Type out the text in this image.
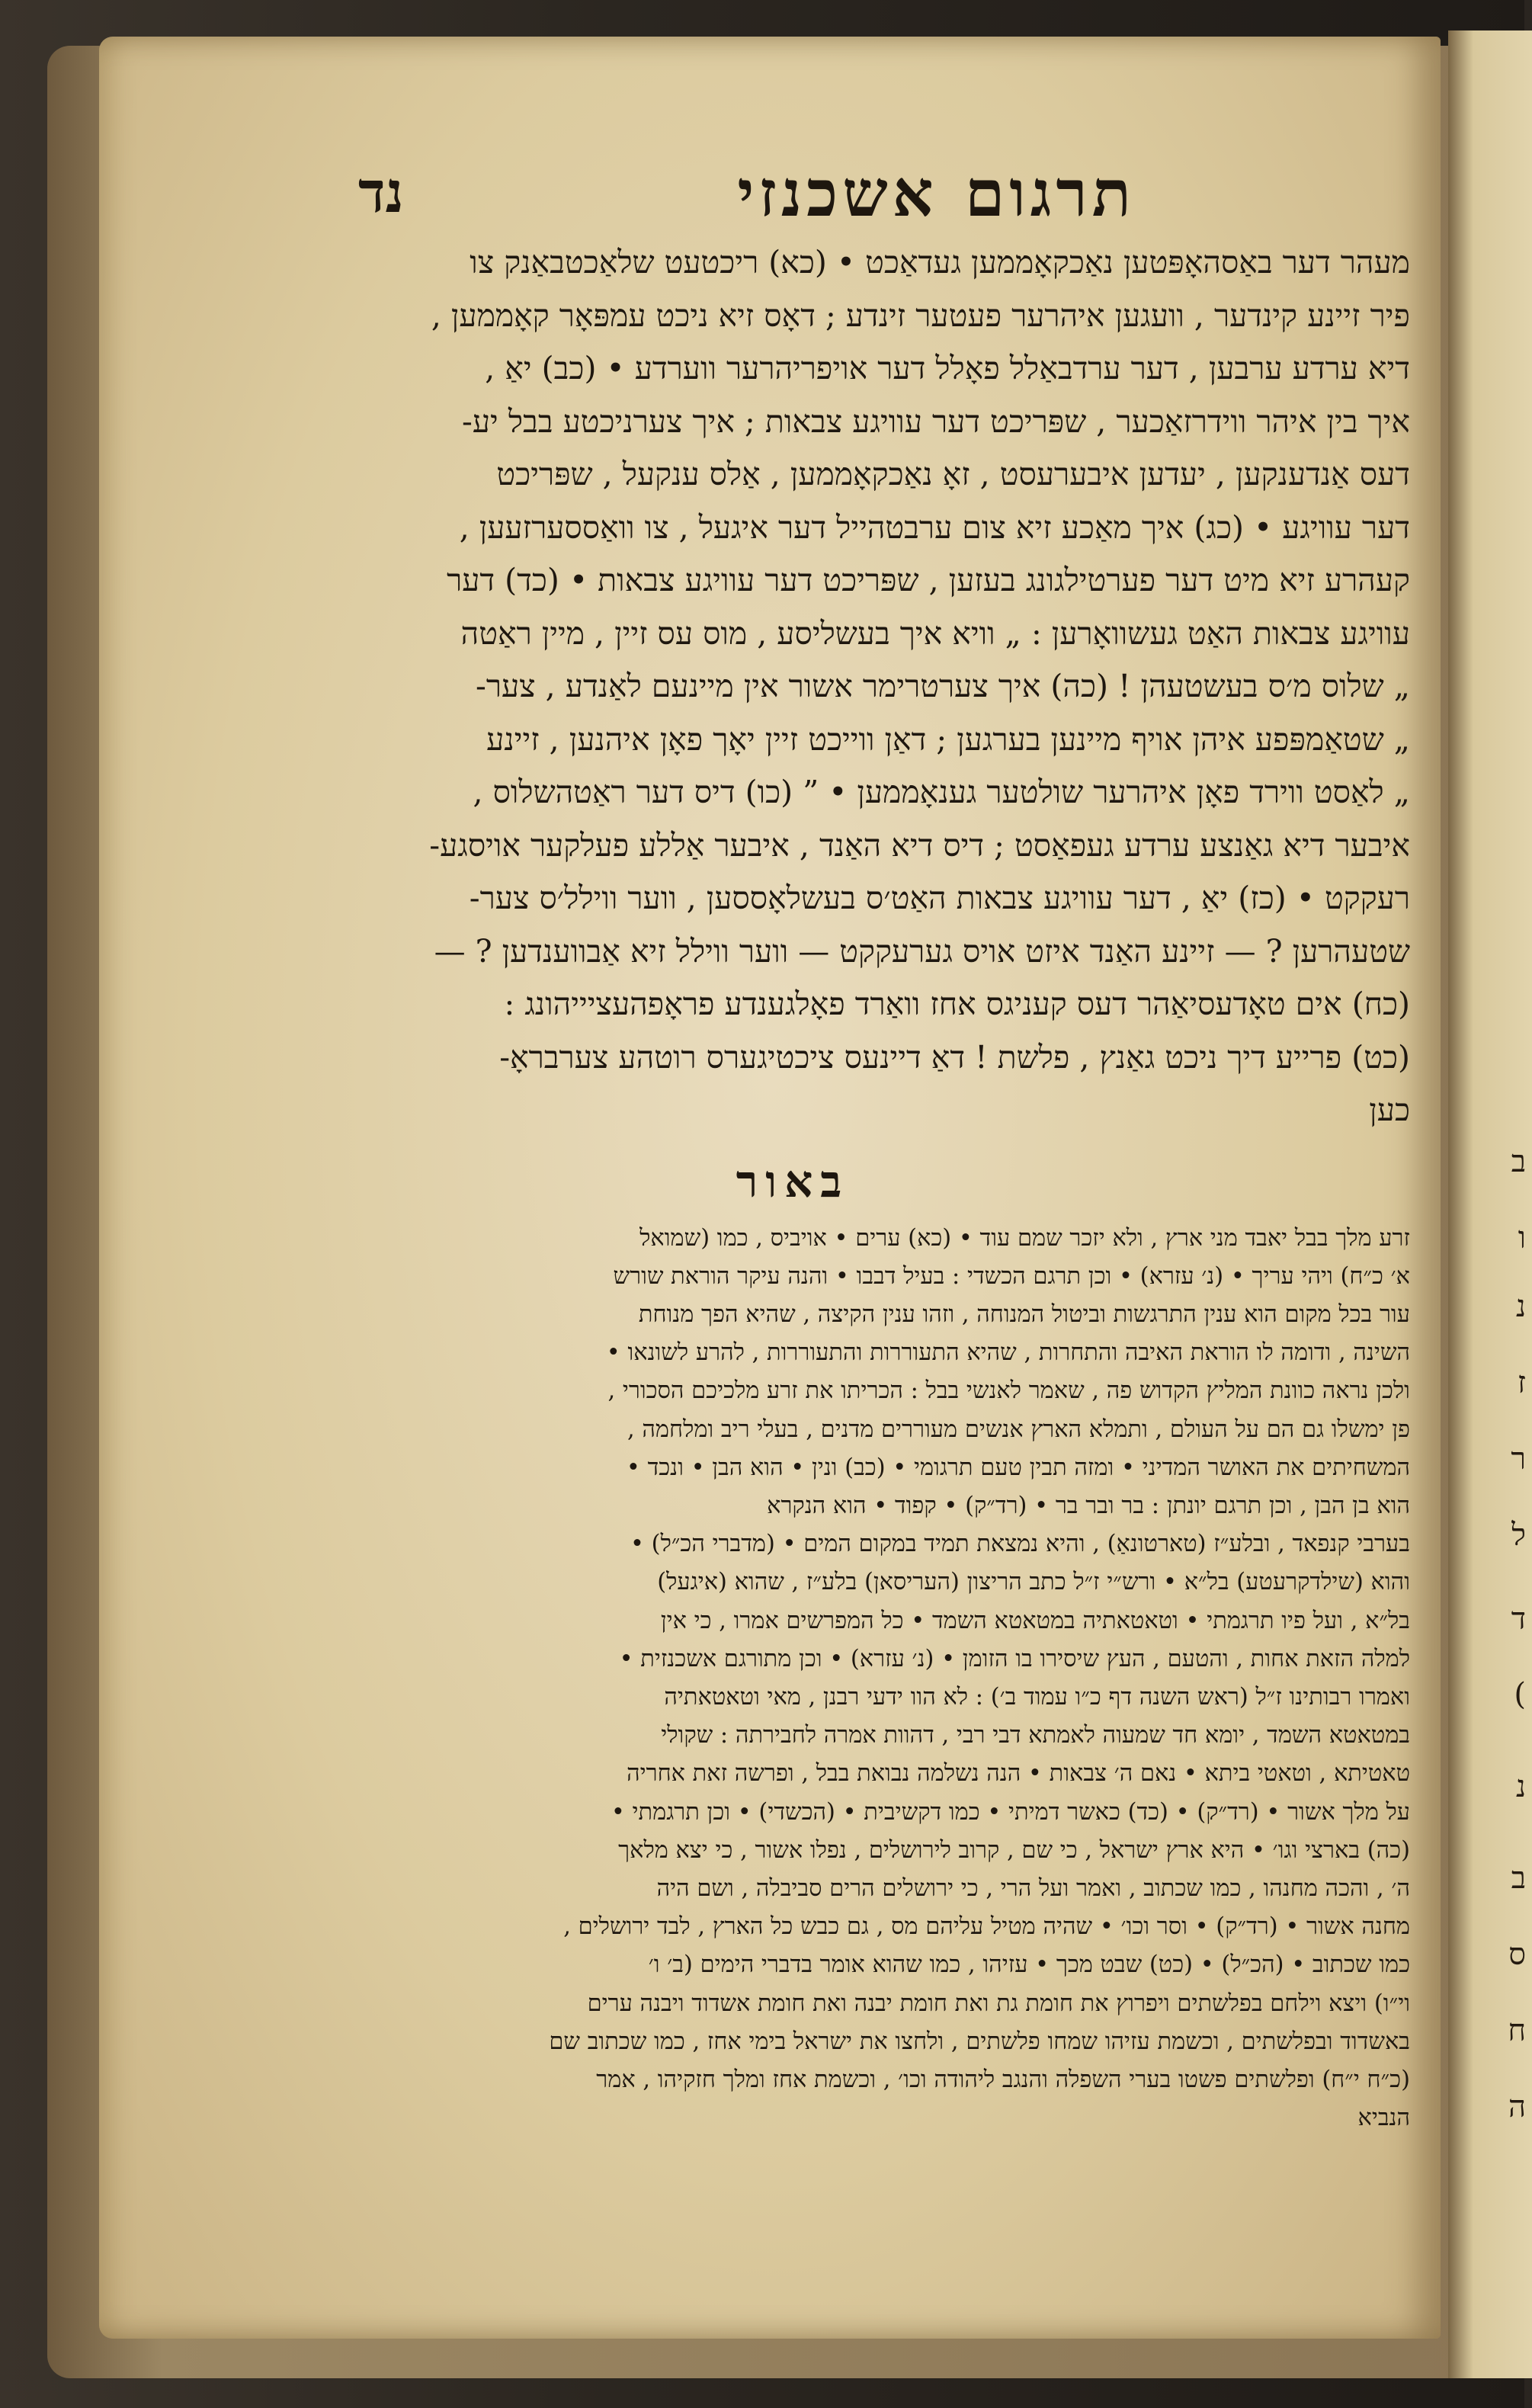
ב
ו
נ
ז
ר
ל
ד
(
נ
ב
ס
ח
ה
תרגום אשכנזי
נד

מעהר דער באַסהאָפּטען נאַכקאָממען געדאַכט • (כא) ריכטעט שלאַכטבאַנק צו

פיר זיינע קינדער , וועגען איהרער פעטער זינדע ; דאָס זיא ניכט עמפּאָר קאָממען ,

דיא ערדע ערבען , דער ערדבאַלל פאָלל דער אויפריהרער ווערדע • (כב) יאַ ,

איך בין איהר ווידרזאַכער , שפּריכט דער עוויגע צבאות ; איך צערניכטע בבל יע-

דעס אַנדענקען , יעדען איבערעסט , זאָ נאַכקאָממען , אַלס ענקעל , שפּריכט

דער עוויגע • (כג) איך מאַכע זיא צום ערבטהייל דער איגעל , צו וואַססערזעען ,

קעהרע זיא מיט דער פערטילגונג בעזען , שפּריכט דער עוויגע צבאות • (כד) דער

עוויגע צבאות האַט געשוואָרען : „ וויא איך בעשליסע , מוס עס זיין , מיין ראַטה

„ שלוס מ׳ס בעשטעהן ! (כה) איך צערטרימר אשור אין מיינעם לאַנדע , צער-

„ שטאַמפּפע איהן אויף מיינען בערגען ; דאַן ווייכט זיין יאָך פאָן איהנען , זיינע

„ לאַסט ווירד פאָן איהרער שולטער גענאָממען • ” (כו) דיס דער ראַטהשלוס ,

איבער דיא גאַנצע ערדע געפאַסט ; דיס דיא האַנד , איבער אַללע פעלקער אויסגע-

רעקקט • (כז) יאַ , דער עוויגע צבאות האַט׳ס בעשלאָססען , ווער ווילל׳ס צער-

שטעהרען ? — זיינע האַנד איזט אויס גערעקקט — ווער ווילל זיא אַבווענדען ? —

(כח) אים טאָדעסיאַהר דעס קעניגס אחז וואַרד פאָלגענדע פראָפהעציייהונג :

(כט) פרייע דיך ניכט גאַנץ , פלשת ! דאַ דיינעס ציכטיגערס רוטהע צערבראָ-

כען

באור

זרע מלך בבל יאבד מני ארץ , ולא יזכר שמם עוד • (כא) ערים • אויביס , כמו (שמואל

א׳ כ״ח) ויהי עריך • (נ׳ עזרא) • וכן תרגם הכשדי : בעיל דבבו • והנה עיקר הוראת שורש

עור בכל מקום הוא ענין התרגשות וביטול המנוחה , וזהו ענין הקיצה , שהיא הפך מנוחת

השינה , ודומה לו הוראת האיבה והתחרות , שהיא התעוררות והתעוררות , להרע לשונאו •

ולכן נראה כוונת המליץ הקדוש פה , שאמר לאנשי בבל : הכריתו את זרע מלכיכם הסכורי ,

פן ימשלו גם הם על העולם , ותמלא הארץ אנשים מעוררים מדנים , בעלי ריב ומלחמה ,

המשחיתים את האושר המדיני • ומזה תבין טעם תרגומי • (כב) ונין • הוא הבן • ונכד •

הוא בן הבן , וכן תרגם יונתן : בר ובר בר • (רד״ק) • קפוד • הוא הנקרא

בערבי קנפאד , ובלע״ז (טארטונאַ) , והיא נמצאת תמיד במקום המים • (מדברי הכ״ל) •

והוא (שילדקרעטע) בל״א • ורש״י ז״ל כתב הריצון (העריסאן) בלע״ז , שהוא (איגעל)

בל״א , ועל פיו תרגמתי • וטאטאתיה במטאטא השמד • כל המפרשים אמרו , כי אין

למלה הזאת אחות , והטעם , העץ שיסירו בו הזומן • (נ׳ עזרא) • וכן מתורגם אשכנזית •

ואמרו רבותינו ז״ל (ראש השנה דף כ״ו עמוד ב׳) : לא הוו ידעי רבנן , מאי וטאטאתיה

במטאטא השמד , יומא חד שמעוה לאמתא דבי רבי , דהוות אמרה לחבירתה : שקולי

טאטיתא , וטאטי ביתא • נאם ה׳ צבאות • הנה נשלמה נבואת בבל , ופרשה זאת אחריה

על מלך אשור • (רד״ק) • (כד) כאשר דמיתי • כמו דקשיבית • (הכשדי) • וכן תרגמתי •

(כה) בארצי וגו׳ • היא ארץ ישראל , כי שם , קרוב לירושלים , נפלו אשור , כי יצא מלאך

ה׳ , והכה מחנהו , כמו שכתוב , ואמר ועל הרי , כי ירושלים הרים סביבלה , ושם היה

מחנה אשור • (רד״ק) • וסר וכו׳ • שהיה מטיל עליהם מס , גם כבש כל הארץ , לבד ירושלים ,

כמו שכתוב • (הכ״ל) • (כט) שבט מכך • עזיהו , כמו שהוא אומר בדברי הימים (ב׳ ו׳

וי״ו) ויצא וילחם בפלשתים ויפרוץ את חומת גת ואת חומת יבנה ואת חומת אשדוד ויבנה ערים

באשדוד ובפלשתים , וכשמת עזיהו שמחו פלשתים , ולחצו את ישראל בימי אחז , כמו שכתוב שם

(כ״ח י״ח) ופלשתים פשטו בערי השפלה והנגב ליהודה וכו׳ , וכשמת אחז ומלך חזקיהו , אמר

הנביא
